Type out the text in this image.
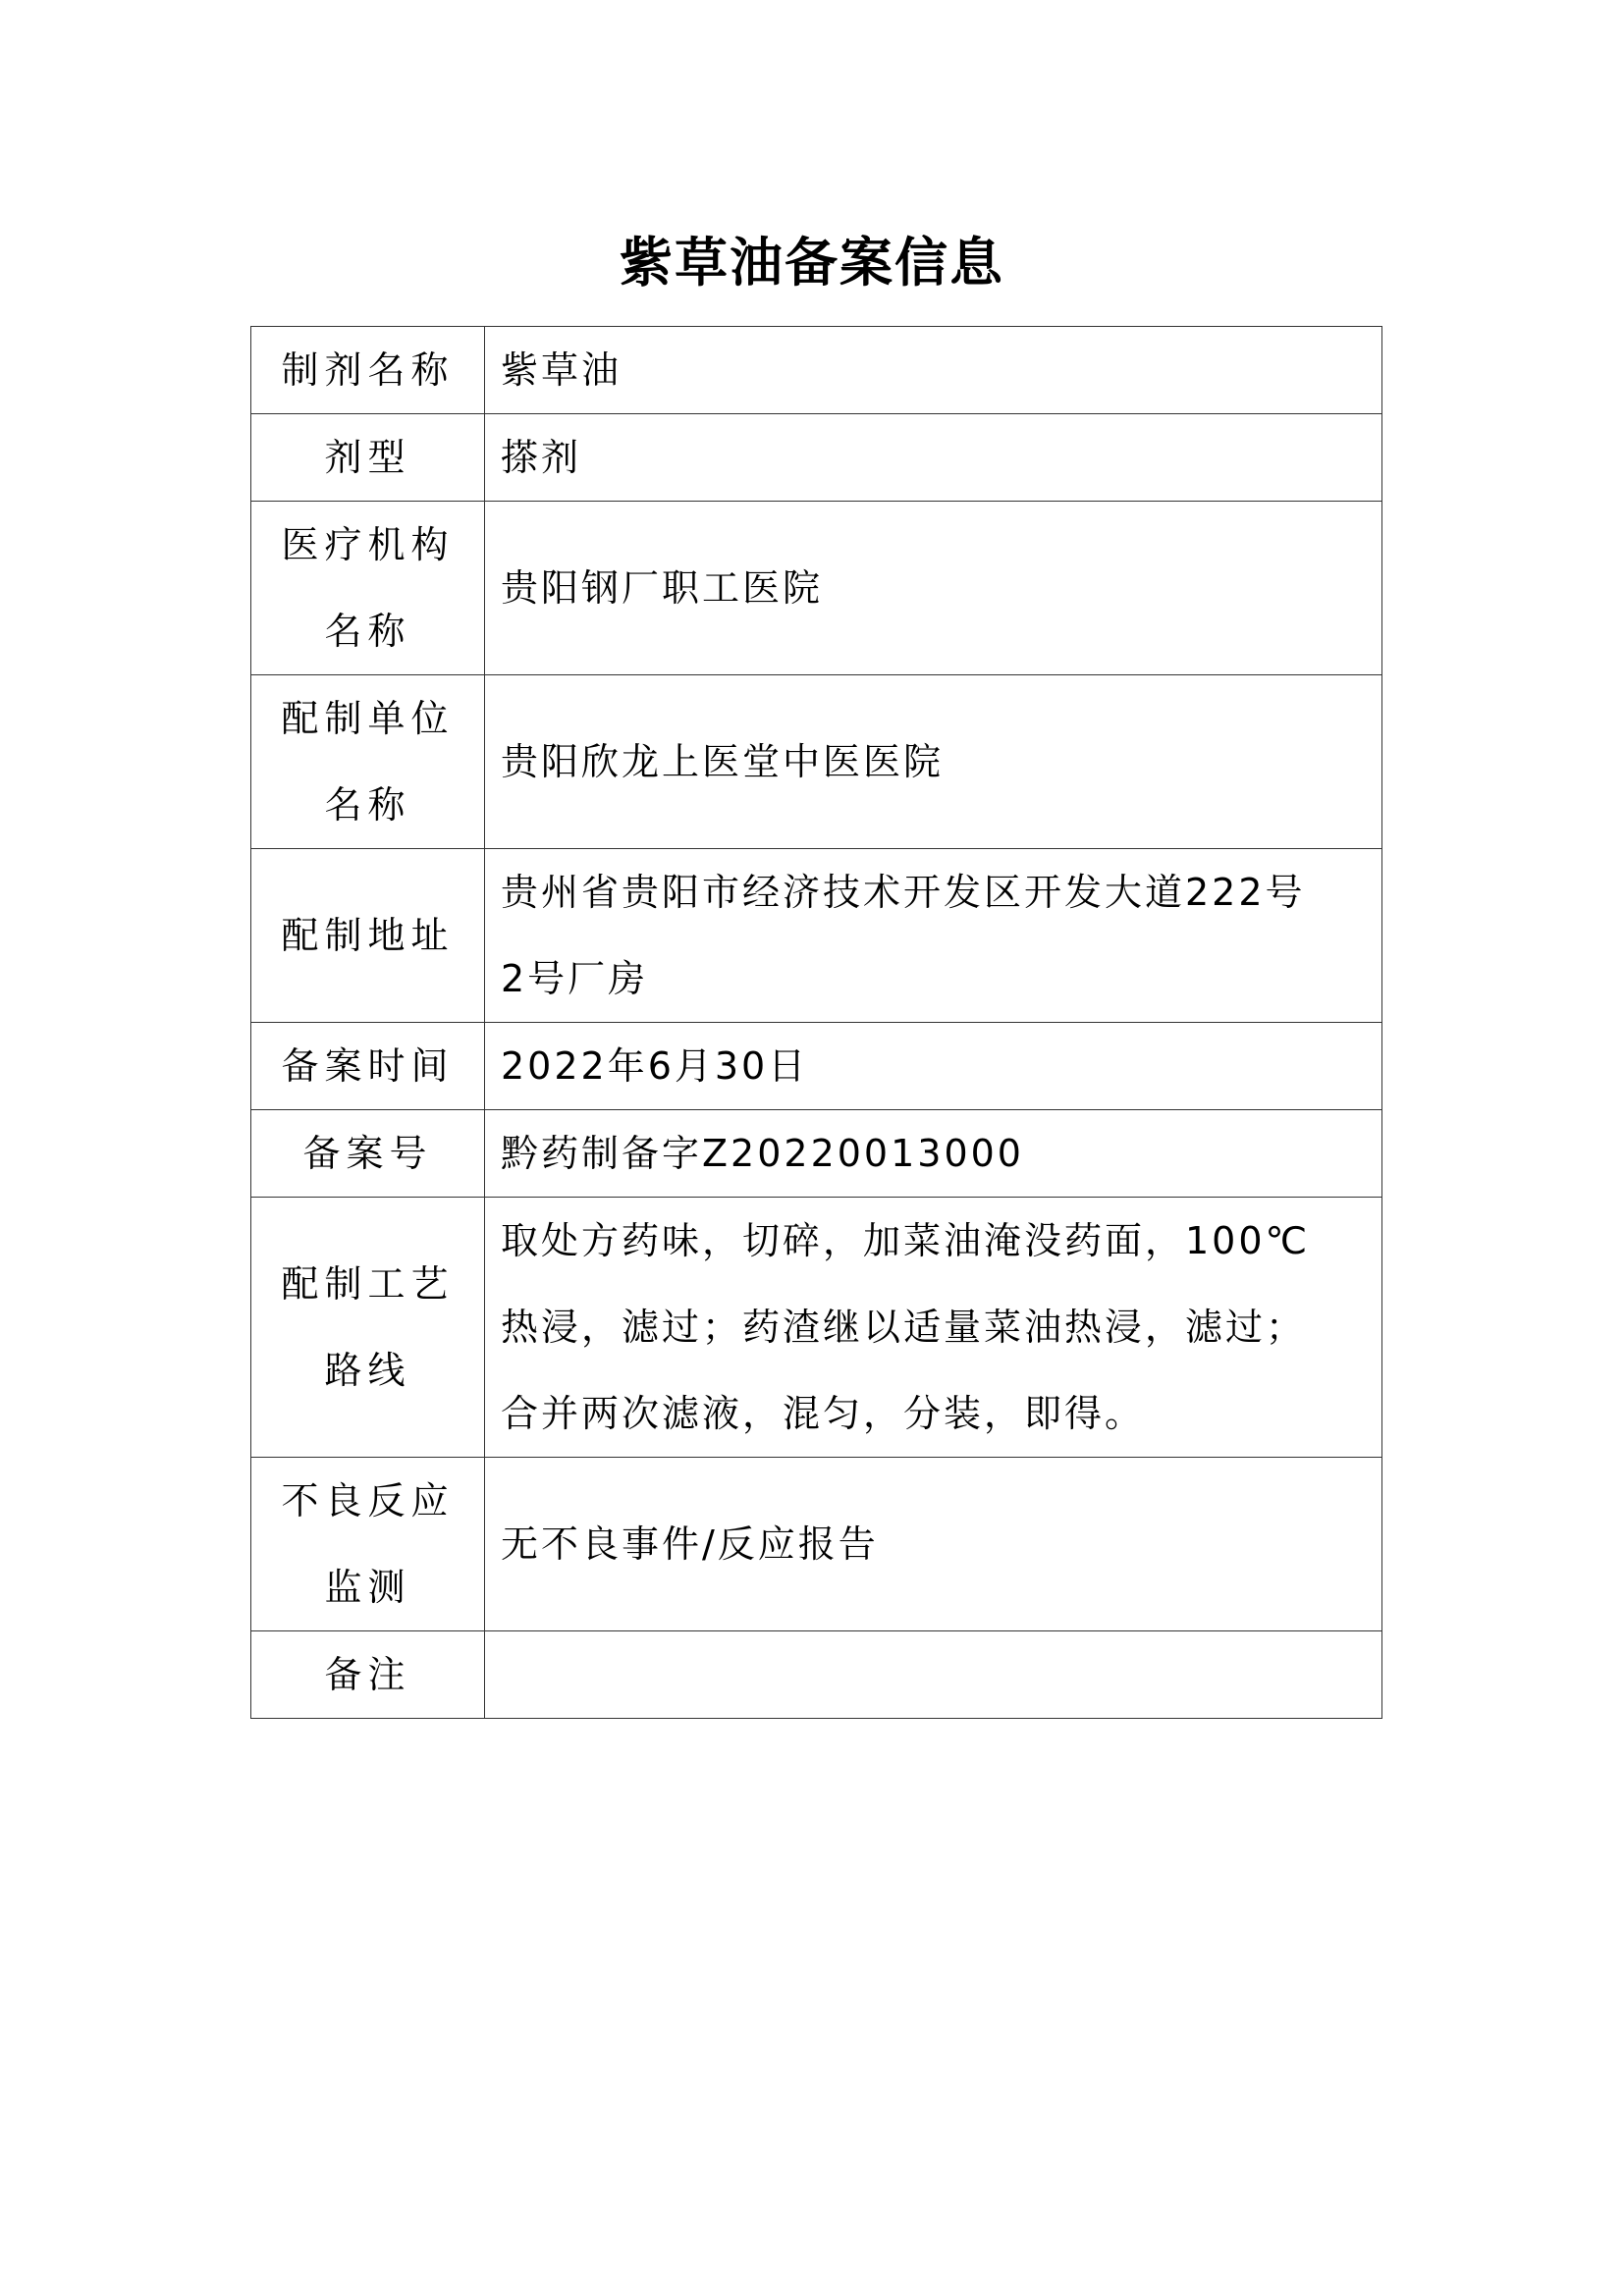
紫草油备案信息
制剂名称	紫草油

剂型	搽剂

医疗机构
名称	贵阳钢厂职工医院

配制单位
名称	贵阳欣龙上医堂中医医院

配制地址	贵州省贵阳市经济技术开发区开发大道222号
2号厂房

备案时间	2022年6月30日

备案号	黔药制备字Z20220013000

配制工艺
路线	取处方药味，切碎，加菜油淹没药面，100℃
热浸，滤过；药渣继以适量菜油热浸，滤过；
合并两次滤液，混匀，分装，即得。

不良反应
监测	无不良事件/反应报告

备注	
